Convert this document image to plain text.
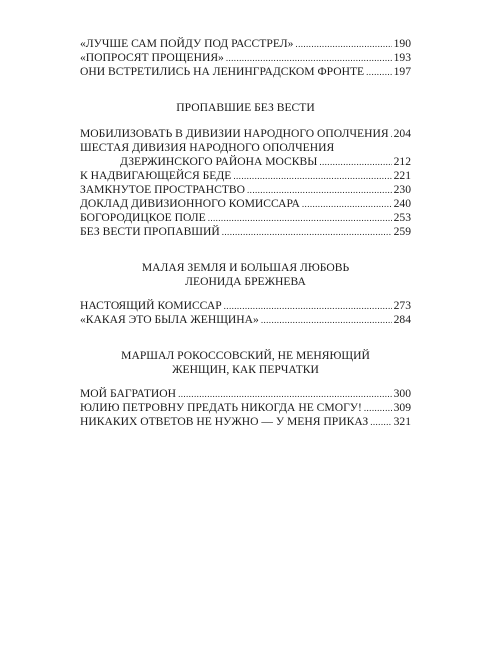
«ЛУЧШЕ САМ ПОЙДУ ПОД РАССТРЕЛ» .....	190
«ПОПРОСЯТ ПРОЩЕНИЯ» .....	193
ОНИ ВСТРЕТИЛИСЬ НА ЛЕНИНГРАДСКОМ ФРОНТЕ .....	197
ПРОПАВШИЕ БЕЗ ВЕСТИ
МОБИЛИЗОВАТЬ В ДИВИЗИИ НАРОДНОГО ОПОЛЧЕНИЯ ..... 204
ШЕСТАЯ ДИВИЗИЯ НАРОДНОГО ОПОЛЧЕНИЯ
ДЗЕРЖИНСКОГО РАЙОНА МОСКВЫ .....	212
К НАДВИГАЮЩЕЙСЯ БЕДЕ .....	221
ЗАМКНУТОЕ ПРОСТРАНСТВО .....	230
ДОКЛАД ДИВИЗИОННОГО КОМИССАРА .....	240
БОГОРОДИЦКОЕ ПОЛЕ .....	253
БЕЗ ВЕСТИ ПРОПАВШИЙ .....	259
МАЛАЯ ЗЕМЛЯ И БОЛЬШАЯ ЛЮБОВЬ
ЛЕОНИДА БРЕЖНЕВА
НАСТОЯЩИЙ КОМИССАР .....	273
«КАКАЯ ЭТО БЫЛА ЖЕНЩИНА» .....	284
МАРШАЛ РОКОССОВСКИЙ, НЕ МЕНЯЮЩИЙ
ЖЕНЩИН, КАК ПЕРЧАТКИ
МОЙ БАГРАТИОН .....	300
ЮЛИЮ ПЕТРОВНУ ПРЕДАТЬ НИКОГДА НЕ СМОГУ! .....	309
НИКАКИХ ОТВЕТОВ НЕ НУЖНО — У МЕНЯ ПРИКАЗ ..... 321
